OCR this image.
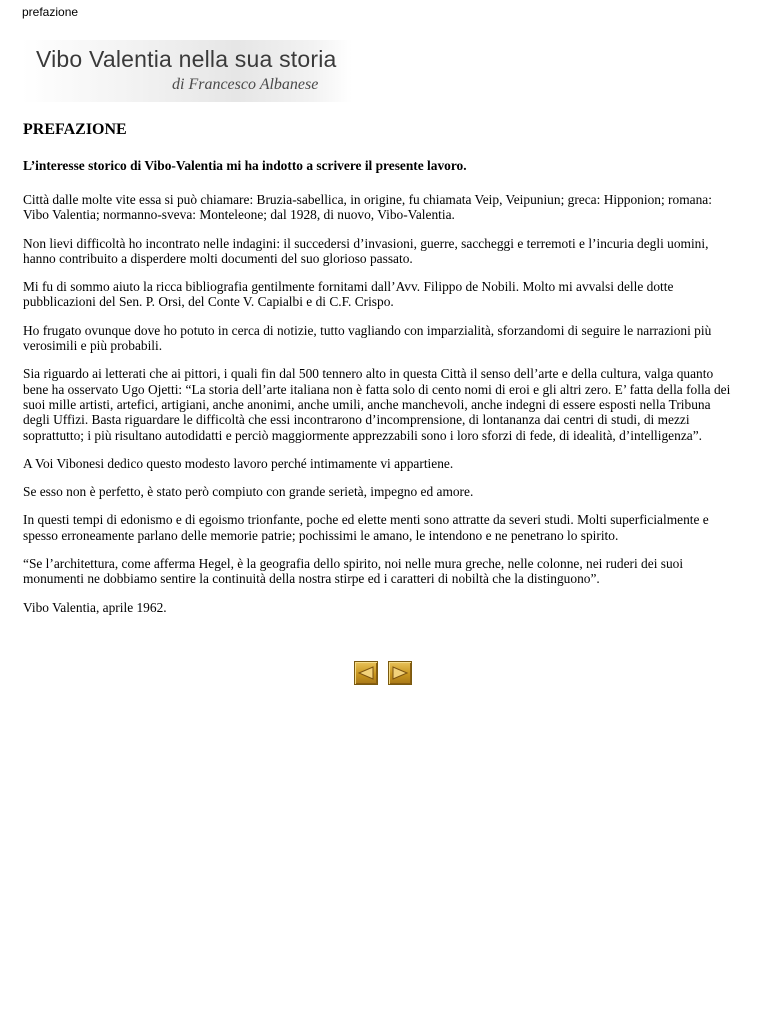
prefazione
Vibo Valentia nella sua storia
di Francesco Albanese
PREFAZIONE
L’interesse storico di Vibo-Valentia mi ha indotto a scrivere il presente lavoro.

Città dalle molte vite essa si può chiamare: Bruzia-sabellica, in origine, fu chiamata Veip, Veipuniun; greca: Hipponion; romana: Vibo Valentia; normanno-sveva: Monteleone; dal 1928, di nuovo, Vibo-Valentia.

Non lievi difficoltà ho incontrato nelle indagini: il succedersi d’invasioni, guerre, saccheggi e terremoti e l’incuria degli uomini, hanno contribuito a disperdere molti documenti del suo glorioso passato.

Mi fu di sommo aiuto la ricca bibliografia gentilmente fornitami dall’Avv. Filippo de Nobili. Molto mi avvalsi delle dotte pubblicazioni del Sen. P. Orsi, del Conte V. Capialbi e di C.F. Crispo.

Ho frugato ovunque dove ho potuto in cerca di notizie, tutto vagliando con imparzialità, sforzandomi di seguire le narrazioni più verosimili e più probabili.

Sia riguardo ai letterati che ai pittori, i quali fin dal 500 tennero alto in questa Città il senso dell’arte e della cultura, valga quanto bene ha osservato Ugo Ojetti: “La storia dell’arte italiana non è fatta solo di cento nomi di eroi e gli altri zero. E’ fatta della folla dei suoi mille artisti, artefici, artigiani, anche anonimi, anche umili, anche manchevoli, anche indegni di essere esposti nella Tribuna degli Uffizi. Basta riguardare le difficoltà che essi incontrarono d’incomprensione, di lontananza dai centri di studi, di mezzi soprattutto; i più risultano autodidatti e perciò maggiormente apprezzabili sono i loro sforzi di fede, di idealità, d’intelligenza”.

A Voi Vibonesi dedico questo modesto lavoro perché intimamente vi appartiene.

Se esso non è perfetto, è stato però compiuto con grande serietà, impegno ed amore.

In questi tempi di edonismo e di egoismo trionfante, poche ed elette menti sono attratte da severi studi. Molti superficialmente e spesso erroneamente parlano delle memorie patrie; pochissimi le amano, le intendono e ne penetrano lo spirito.

“Se l’architettura, come afferma Hegel, è la geografia dello spirito, noi nelle mura greche, nelle colonne, nei ruderi dei suoi monumenti ne dobbiamo sentire la continuità della nostra stirpe ed i caratteri di nobiltà che la distinguono”.

Vibo Valentia, aprile 1962.
